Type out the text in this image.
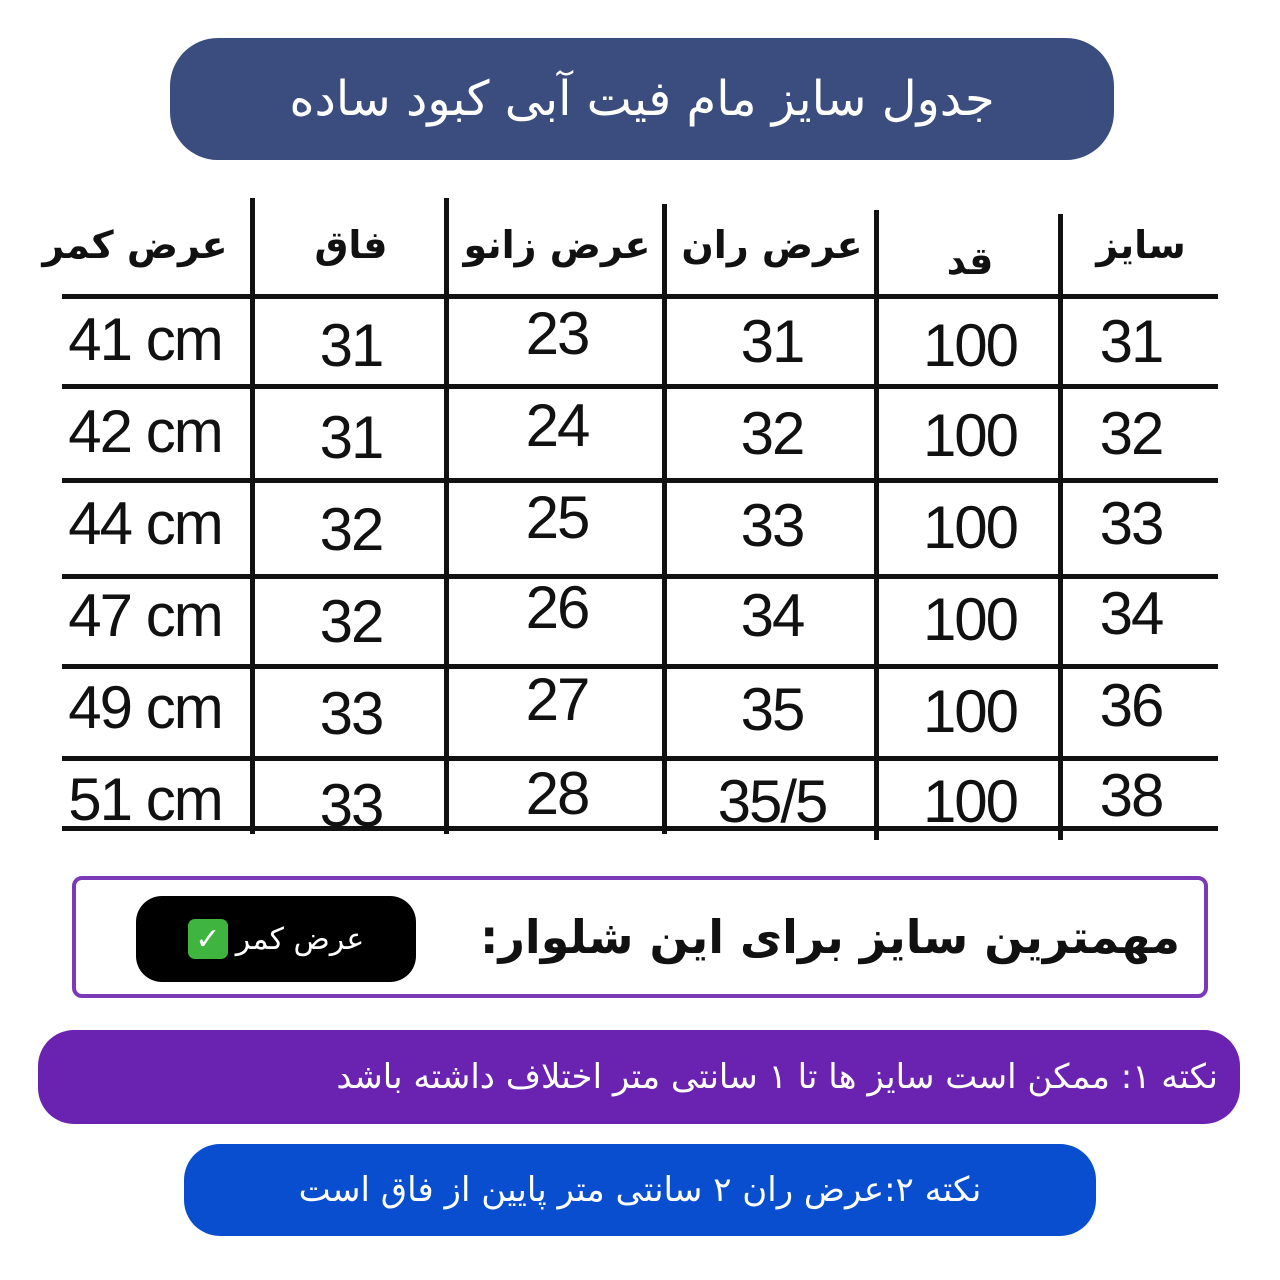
جدول سایز مام فیت آبی کبود ساده
سایز
قد
عرض ران
عرض زانو
فاق
عرض کمر
31
100
31
23
31
41 cm
32
100
32
24
31
42 cm
33
100
33
25
32
44 cm
34
100
34
26
32
47 cm
36
100
35
27
33
49 cm
38
100
35/5
28
33
51 cm
مهمترین سایز برای این شلوار:
✓ عرض کمر
نکته ۱: ممکن است سایز ها تا ۱ سانتی متر اختلاف داشته باشد
نکته ۲:عرض ران ۲ سانتی متر پایین از فاق است
